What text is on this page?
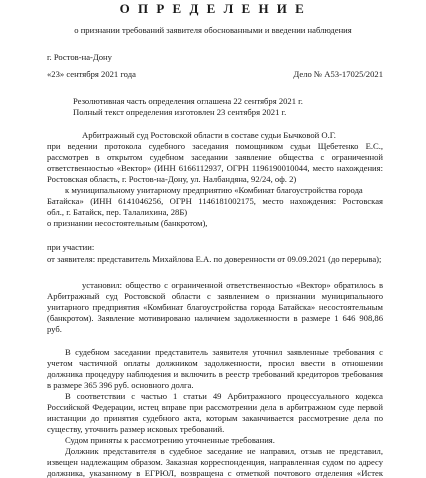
О П Р Е Д Е Л Е Н И Е
о признании требований заявителя обоснованными и введении наблюдения
г. Ростов-на-Дону
«23» сентября 2021 года	Дело № А53-17025/2021
Резолютивная часть определения оглашена 22 сентября 2021 г.
Полный текст определения изготовлен 23 сентября 2021 г.
Арбитражный суд Ростовской области в составе судьи Бычковой О.Г.
при ведении протокола судебного заседания помощником судьи Щебетенко Е.С.,
рассмотрев в открытом судебном заседании заявление общества с ограниченной
ответственностью «Вектор» (ИНН 6166112937, ОГРН 1196190010044, место нахождения:
Ростовская область, г. Ростов-на-Дону, ул. Налбандяна, 92/24, оф. 2)
к муниципальному унитарному предприятию «Комбинат благоустройства города
Батайска» (ИНН 6141046256, ОГРН 1146181002175, место нахождения: Ростовская
обл., г. Батайск, пер. Талалихина, 28Б)
о признании несостоятельным (банкротом),
при участии:
от заявителя: представитель Михайлова Е.А. по доверенности от 09.09.2021 (до перерыва);
установил: общество с ограниченной ответственностью «Вектор» обратилось в
Арбитражный суд Ростовской области с заявлением о признании муниципального
унитарного предприятия «Комбинат благоустройства города Батайска» несостоятельным
(банкротом). Заявление мотивировано наличием задолженности в размере 1 646 908,86
руб.
В судебном заседании представитель заявителя уточнил заявленные требования с
учетом частичной оплаты должником задолженности, просил ввести в отношении
должника процедуру наблюдения и включить в реестр требований кредиторов требования
в размере 365 396 руб. основного долга.
В соответствии с частью 1 статьи 49 Арбитражного процессуального кодекса
Российской Федерации, истец вправе при рассмотрении дела в арбитражном суде первой
инстанции до принятия судебного акта, которым заканчивается рассмотрение дела по
существу, уточнить размер исковых требований.
Судом приняты к рассмотрению уточненные требования.
Должник представителя в судебное заседание не направил, отзыв не представил,
извещен надлежащим образом. Заказная корреспонденция, направленная судом по адресу
должника, указанному в ЕГРЮЛ, возвращена с отметкой почтового отделения «Истек
